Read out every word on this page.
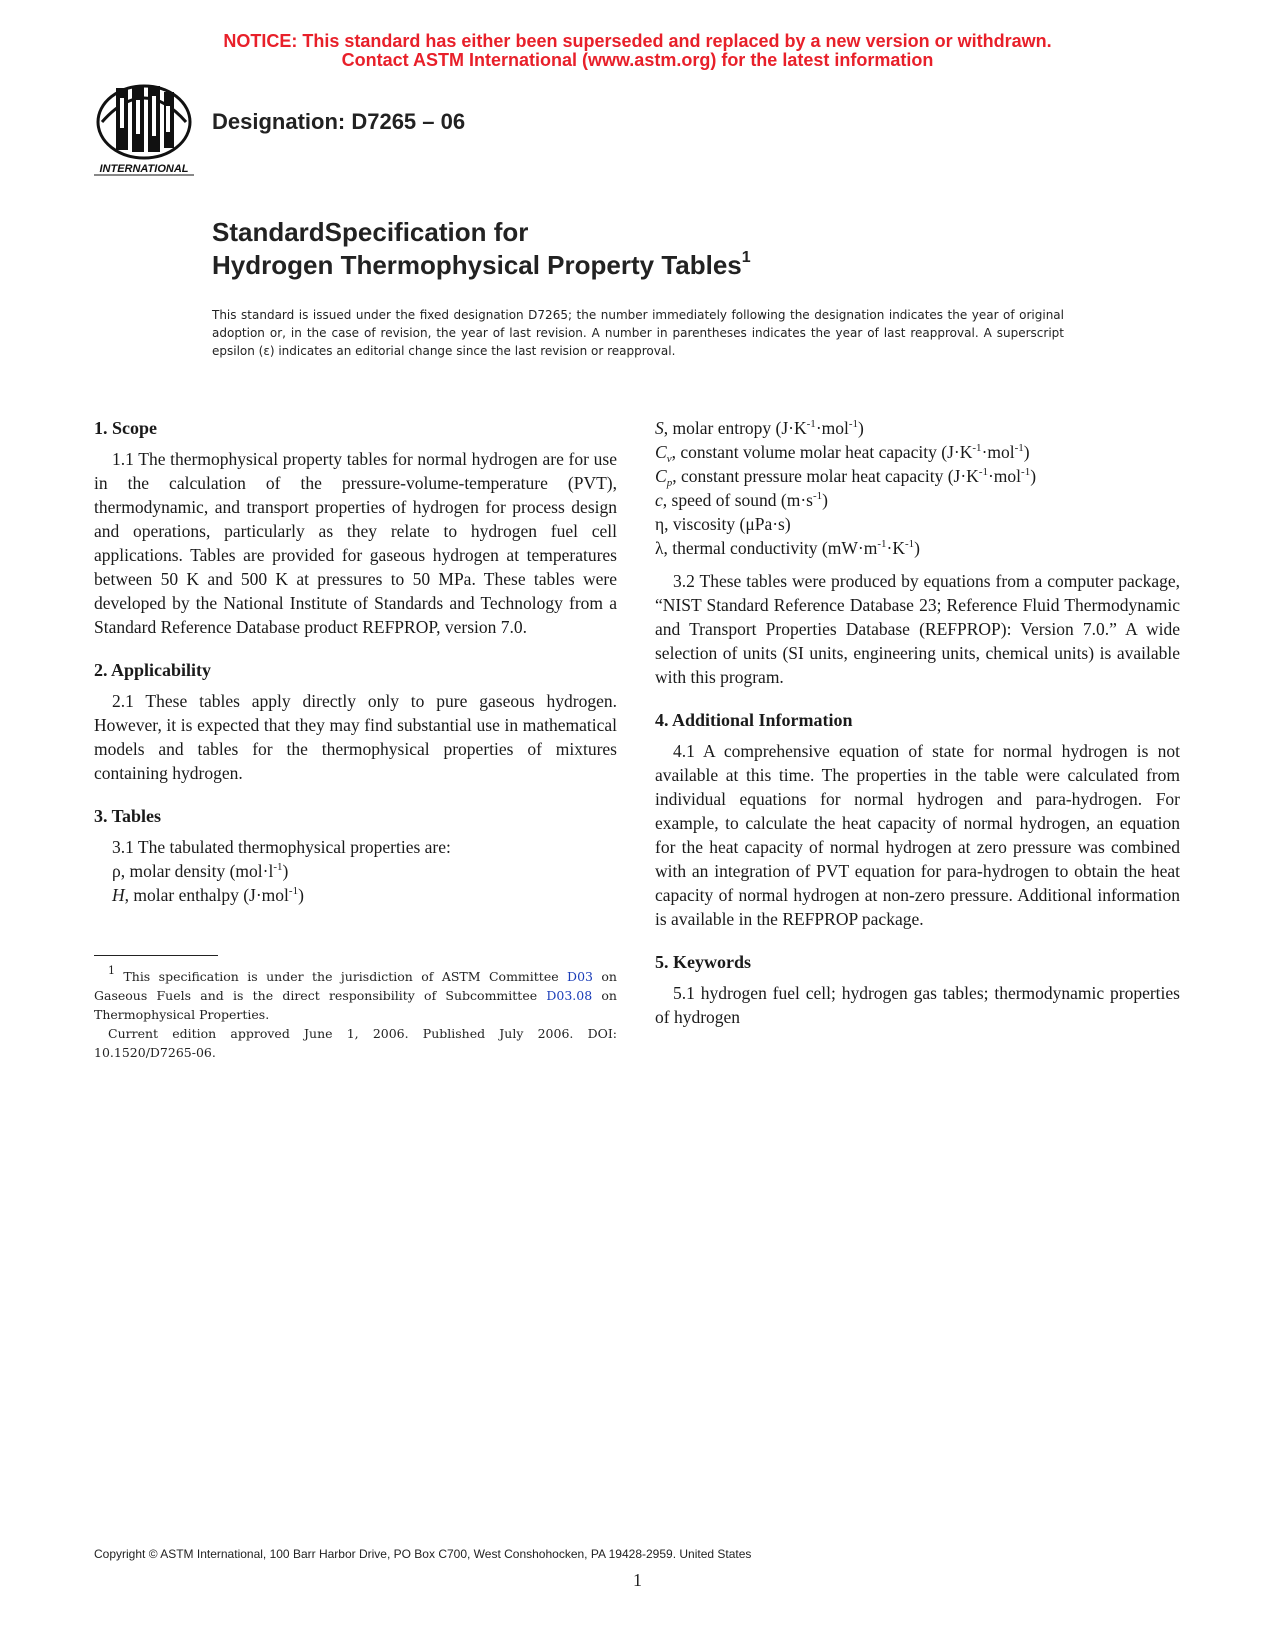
NOTICE: This standard has either been superseded and replaced by a new version or withdrawn.
Contact ASTM International (www.astm.org) for the latest information
INTERNATIONAL
Designation: D7265 – 06
StandardSpecification for
Hydrogen Thermophysical Property Tables$^1$
This standard is issued under the fixed designation D7265; the number immediately following the designation indicates the year of original adoption or, in the case of revision, the year of last revision. A number in parentheses indicates the year of last reapproval. A superscript epsilon (ε) indicates an editorial change since the last revision or reapproval.
1. Scope

1.1 The thermophysical property tables for normal hydrogen are for use in the calculation of the pressure-volume-temperature (PVT), thermodynamic, and transport properties of hydrogen for process design and operations, particularly as they relate to hydrogen fuel cell applications. Tables are provided for gaseous hydrogen at temperatures between 50 K and 500 K at pressures to 50 MPa. These tables were developed by the National Institute of Standards and Technology from a Standard Reference Database product REFPROP, version 7.0.

2. Applicability

2.1 These tables apply directly only to pure gaseous hydrogen. However, it is expected that they may find substantial use in mathematical models and tables for the thermophysical properties of mixtures containing hydrogen.

3. Tables

3.1 The tabulated thermophysical properties are:

ρ, molar density $(mol\cdot l^{-1})$

H, molar enthalpy (J·mol$^{-1}$)

1 This specification is under the jurisdiction of ASTM Committee D03 on Gaseous Fuels and is the direct responsibility of Subcommittee D03.08 on Thermophysical Properties.

Current edition approved June 1, 2006. Published July 2006. DOI: 10.1520/D7265-06.

S, molar entropy $(J\cdot K^{-1}\cdot mol^{-1})$

$C_v$, constant volume molar heat capacity $(J\cdot K^{-1}\cdot mol^{-1})$

$C_p$, constant pressure molar heat capacity $(J\cdot K^{-1}\cdot mol^{-1})$

c, speed of sound $(m\cdot s^{-1})$

η, viscosity (μPa·s)

λ, thermal conductivity $(mW\cdot m^{-1}\cdot K^{-1})$

3.2 These tables were produced by equations from a computer package, “NIST Standard Reference Database 23; Reference Fluid Thermodynamic and Transport Properties Database (REFPROP): Version 7.0.” A wide selection of units (SI units, engineering units, chemical units) is available with this program.

4. Additional Information

4.1 A comprehensive equation of state for normal hydrogen is not available at this time. The properties in the table were calculated from individual equations for normal hydrogen and para-hydrogen. For example, to calculate the heat capacity of normal hydrogen, an equation for the heat capacity of normal hydrogen at zero pressure was combined with an integration of PVT equation for para-hydrogen to obtain the heat capacity of normal hydrogen at non-zero pressure. Additional information is available in the REFPROP package.

5. Keywords

5.1 hydrogen fuel cell; hydrogen gas tables; thermodynamic properties of hydrogen

Copyright © ASTM International, 100 Barr Harbor Drive, PO Box C700, West Conshohocken, PA 19428-2959. United States
1
